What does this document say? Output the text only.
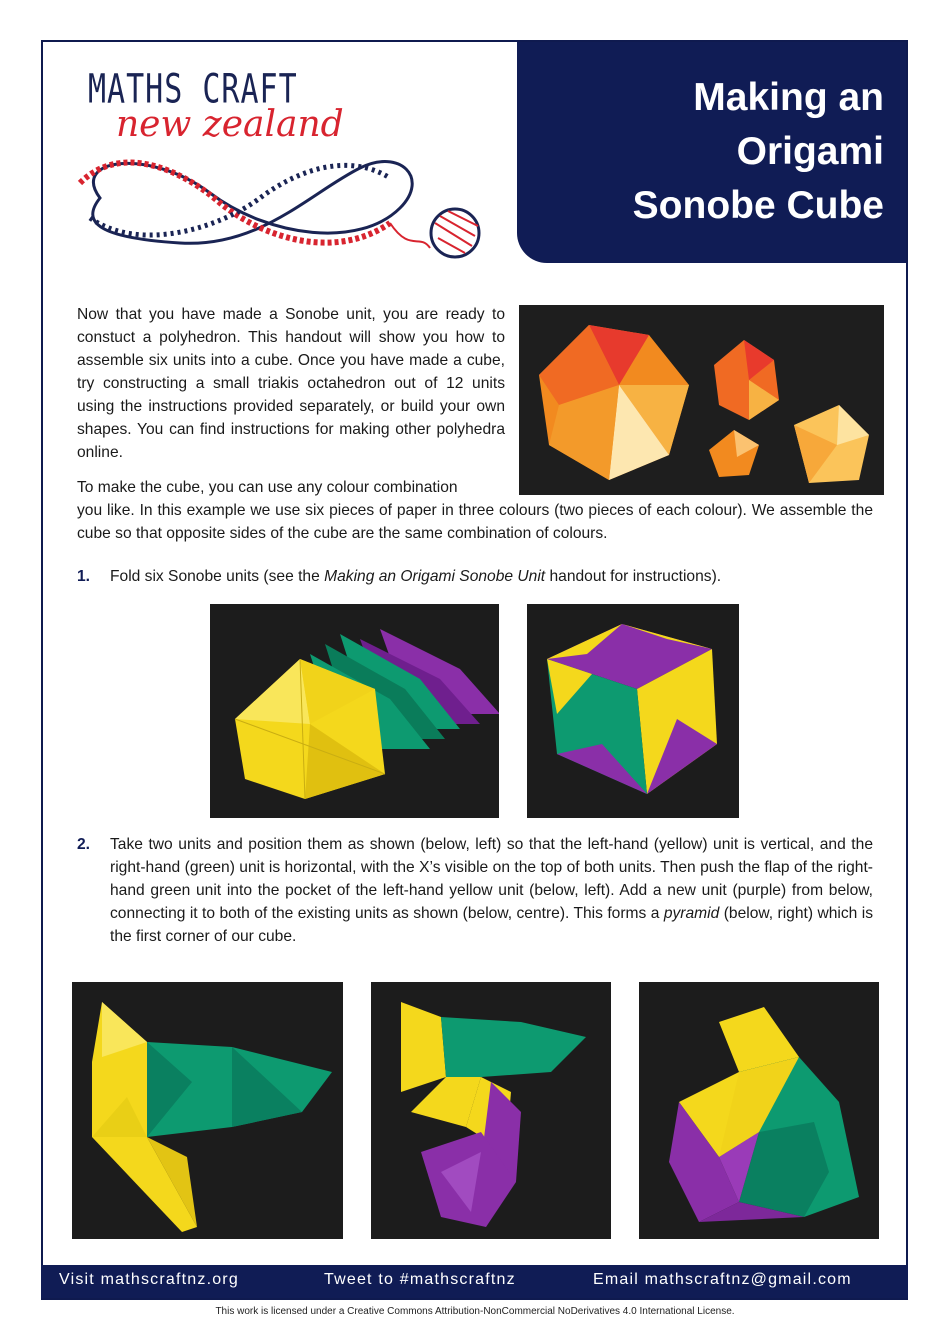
MATHS CRAFT
new zealand
Making an
Origami
Sonobe Cube

Now that you have made a Sonobe unit, you are ready to constuct a polyhedron. This handout will show you how to assemble six units into a cube. Once you have made a cube, try constructing a small triakis octahedron out of 12 units using the instructions provided separately, or build your own shapes. You can find instructions for making other polyhedra online.

To make the cube, you can use any colour combination

you like. In this example we use six pieces of paper in three colours (two pieces of each colour). We assemble the cube so that opposite sides of the cube are the same combination of colours.

1. Fold six Sonobe units (see the Making an Origami Sonobe Unit handout for instructions).
2. Take two units and position them as shown (below, left) so that the left-hand (yellow) unit is vertical, and the right-hand (green) unit is horizontal, with the X’s visible on the top of both units. Then push the flap of the right-hand green unit into the pocket of the left-hand yellow unit (below, left). Add a new unit (purple) from below, connecting it to both of the existing units as shown (below, centre). This forms a pyramid (below, right) which is the first corner of our cube.
Visit mathscraftnz.org	Tweet to #mathscraftnz	Email mathscraftnz@gmail.com
This work is licensed under a Creative Commons Attribution-NonCommercial NoDerivatives 4.0 International License.
